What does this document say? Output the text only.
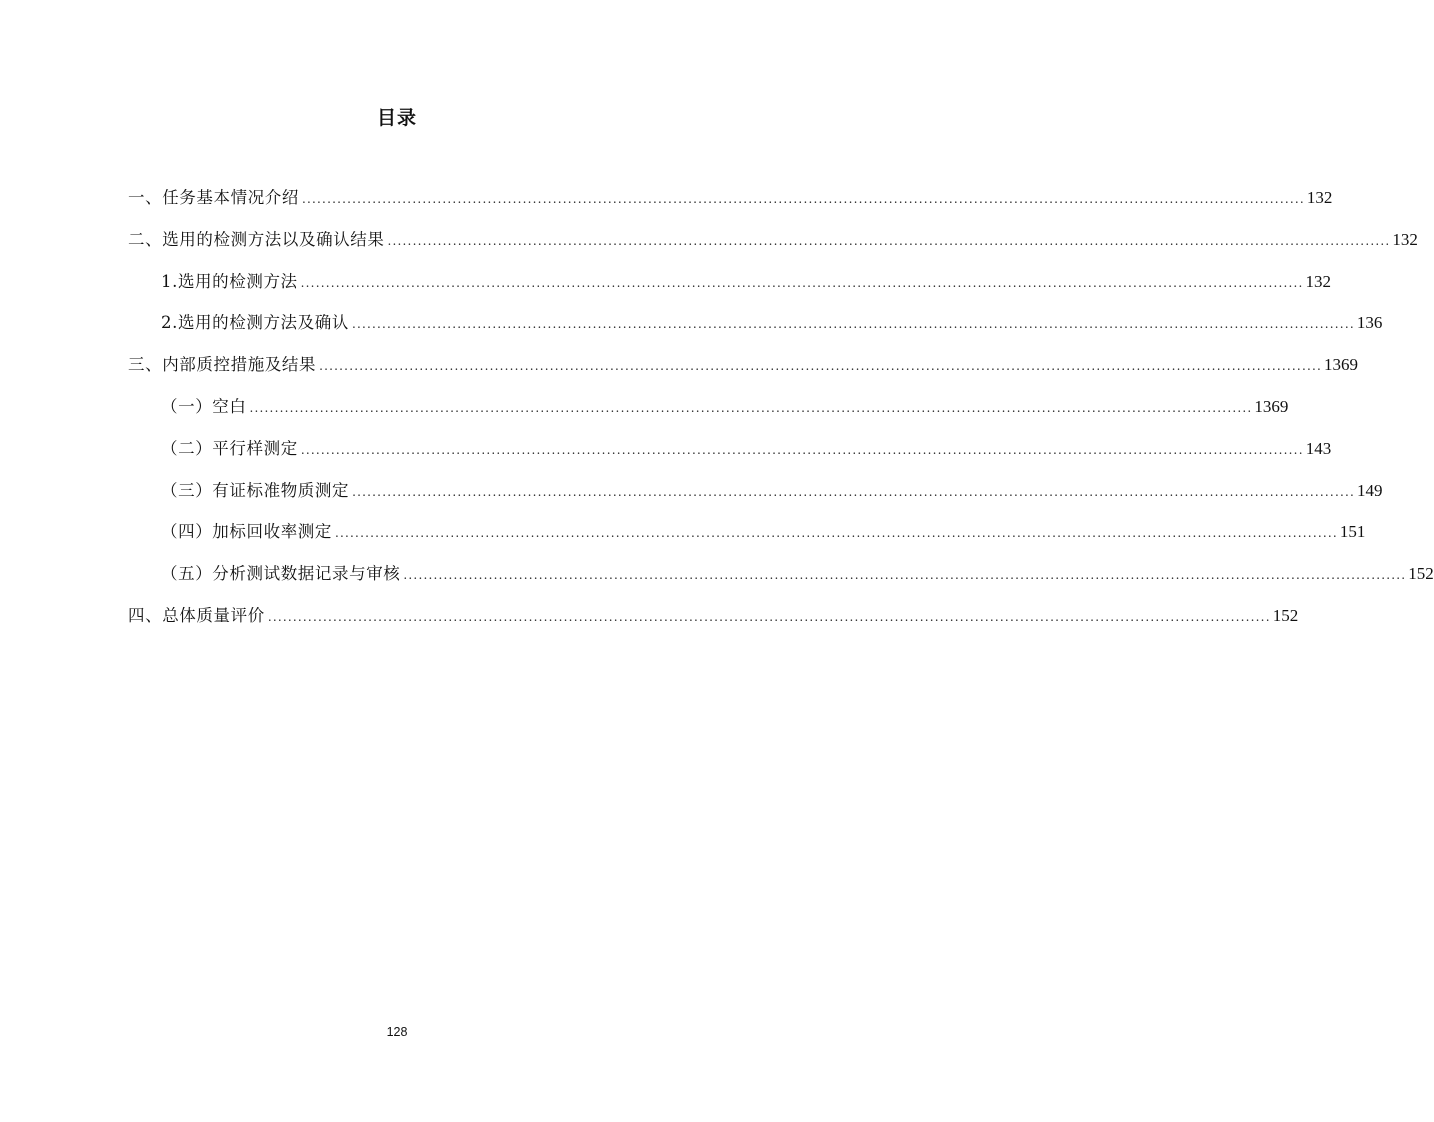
目录
一、任务基本情况介绍 ........................................................................................................................................................................................................ 132
二、选用的检测方法以及确认结果 ........................................................................................................................................................................................................ 132
1.选用的检测方法 ........................................................................................................................................................................................................ 132
2.选用的检测方法及确认 ........................................................................................................................................................................................................ 136
三、内部质控措施及结果 ........................................................................................................................................................................................................ 1369
（一）空白 ........................................................................................................................................................................................................ 1369
（二）平行样测定 ........................................................................................................................................................................................................ 143
（三）有证标准物质测定 ........................................................................................................................................................................................................ 149
（四）加标回收率测定 ........................................................................................................................................................................................................ 151
（五）分析测试数据记录与审核 ........................................................................................................................................................................................................ 152
四、总体质量评价 ........................................................................................................................................................................................................ 152
128
